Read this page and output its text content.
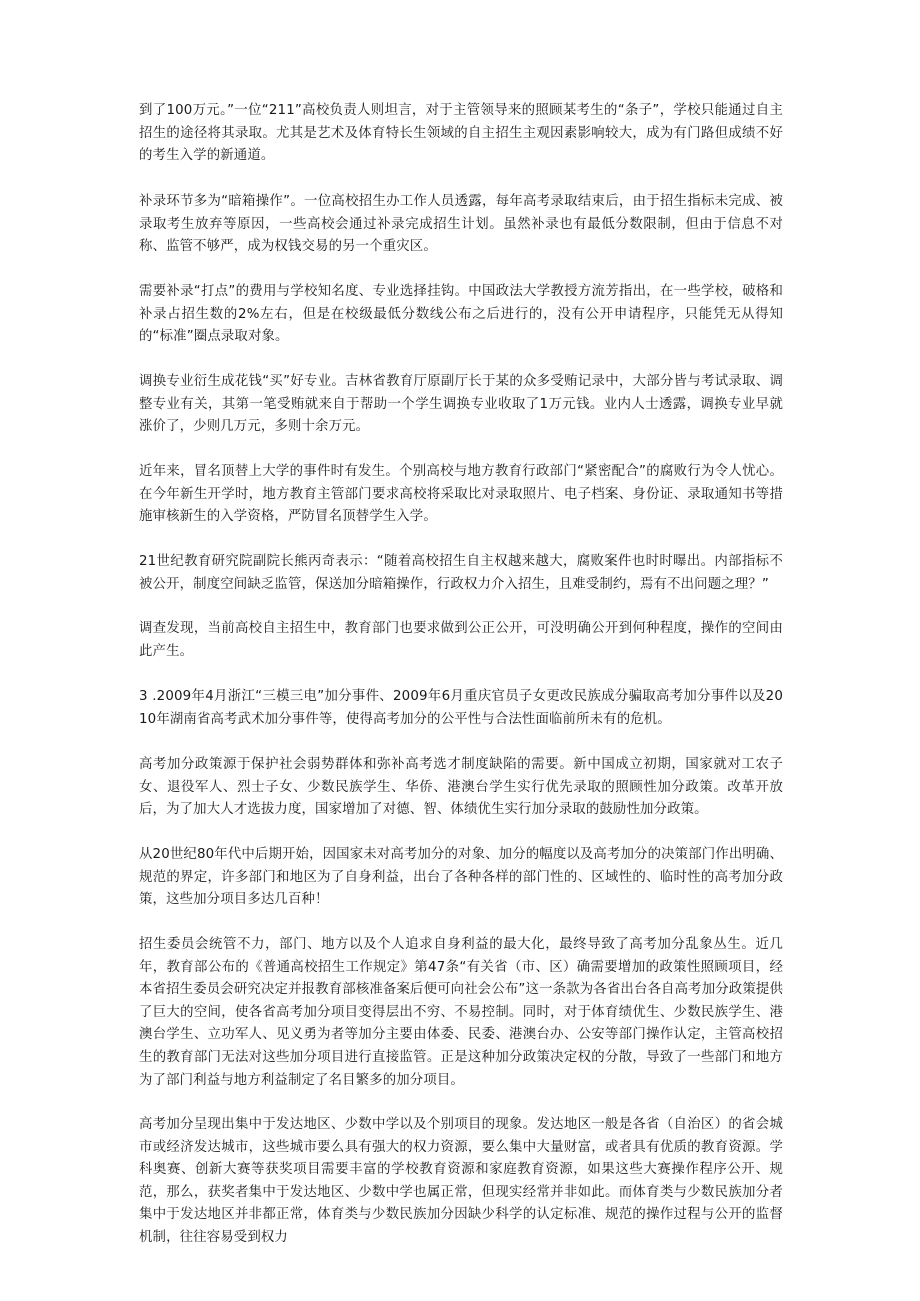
到了100万元。”一位“211”高校负责人则坦言，对于主管领导来的照顾某考生的“条子”，学校只能通过自主招生的途径将其录取。尤其是艺术及体育特长生领域的自主招生主观因素影响较大，成为有门路但成绩不好的考生入学的新通道。

补录环节多为“暗箱操作”。一位高校招生办工作人员透露，每年高考录取结束后，由于招生指标未完成、被录取考生放弃等原因，一些高校会通过补录完成招生计划。虽然补录也有最低分数限制，但由于信息不对称、监管不够严，成为权钱交易的另一个重灾区。

需要补录“打点”的费用与学校知名度、专业选择挂钩。中国政法大学教授方流芳指出，在一些学校，破格和补录占招生数的2%左右，但是在校级最低分数线公布之后进行的，没有公开申请程序，只能凭无从得知的“标准”圈点录取对象。

调换专业衍生成花钱“买”好专业。吉林省教育厅原副厅长于某的众多受贿记录中，大部分皆与考试录取、调整专业有关，其第一笔受贿就来自于帮助一个学生调换专业收取了1万元钱。业内人士透露，调换专业早就涨价了，少则几万元，多则十余万元。

近年来，冒名顶替上大学的事件时有发生。个别高校与地方教育行政部门“紧密配合”的腐败行为令人忧心。在今年新生开学时，地方教育主管部门要求高校将采取比对录取照片、电子档案、身份证、录取通知书等措施审核新生的入学资格，严防冒名顶替学生入学。

21世纪教育研究院副院长熊丙奇表示：“随着高校招生自主权越来越大，腐败案件也时时曝出。内部指标不被公开，制度空间缺乏监管，保送加分暗箱操作，行政权力介入招生，且难受制约，焉有不出问题之理？”

调查发现，当前高校自主招生中，教育部门也要求做到公正公开，可没明确公开到何种程度，操作的空间由此产生。

3 .2009年4月浙江“三模三电”加分事件、2009年6月重庆官员子女更改民族成分骗取高考加分事件以及2010年湖南省高考武术加分事件等，使得高考加分的公平性与合法性面临前所未有的危机。

高考加分政策源于保护社会弱势群体和弥补高考选才制度缺陷的需要。新中国成立初期，国家就对工农子女、退役军人、烈士子女、少数民族学生、华侨、港澳台学生实行优先录取的照顾性加分政策。改革开放后，为了加大人才选拔力度，国家增加了对德、智、体绩优生实行加分录取的鼓励性加分政策。

从20世纪80年代中后期开始，因国家未对高考加分的对象、加分的幅度以及高考加分的决策部门作出明确、规范的界定，许多部门和地区为了自身利益，出台了各种各样的部门性的、区域性的、临时性的高考加分政策，这些加分项目多达几百种！

招生委员会统管不力，部门、地方以及个人追求自身利益的最大化，最终导致了高考加分乱象丛生。近几年，教育部公布的《普通高校招生工作规定》第47条“有关省（市、区）确需要增加的政策性照顾项目，经本省招生委员会研究决定并报教育部核准备案后便可向社会公布”这一条款为各省出台各自高考加分政策提供了巨大的空间，使各省高考加分项目变得层出不穷、不易控制。同时，对于体育绩优生、少数民族学生、港澳台学生、立功军人、见义勇为者等加分主要由体委、民委、港澳台办、公安等部门操作认定，主管高校招生的教育部门无法对这些加分项目进行直接监管。正是这种加分政策决定权的分散，导致了一些部门和地方为了部门利益与地方利益制定了名目繁多的加分项目。

高考加分呈现出集中于发达地区、少数中学以及个别项目的现象。发达地区一般是各省（自治区）的省会城市或经济发达城市，这些城市要么具有强大的权力资源，要么集中大量财富，或者具有优质的教育资源。学科奥赛、创新大赛等获奖项目需要丰富的学校教育资源和家庭教育资源，如果这些大赛操作程序公开、规范，那么，获奖者集中于发达地区、少数中学也属正常，但现实经常并非如此。而体育类与少数民族加分者集中于发达地区并非都正常，体育类与少数民族加分因缺少科学的认定标准、规范的操作过程与公开的监督机制，往往容易受到权力
